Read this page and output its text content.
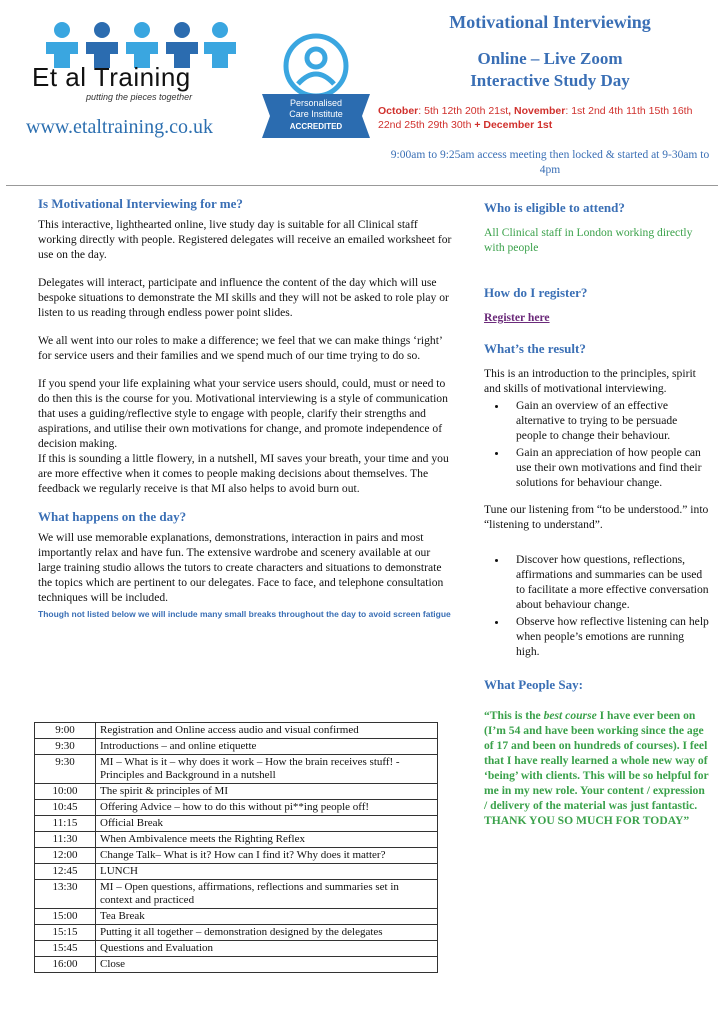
Et al Training
putting the pieces together
www.etaltraining.co.uk
Personalised
Care Institute
ACCREDITED
Motivational Interviewing
Online – Live Zoom
Interactive Study Day
October: 5th 12th 20th 21st, November: 1st 2nd 4th 11th 15th 16th 22nd 25th 29th 30th + December 1st
9:00am to 9:25am access meeting then locked & started at 9-30am to 4pm
Is Motivational Interviewing for me?

This interactive, lighthearted online, live study day is suitable for all Clinical staff working directly with people. Registered delegates will receive an emailed worksheet for use on the day.

Delegates will interact, participate and influence the content of the day which will use bespoke situations to demonstrate the MI skills and they will not be asked to role play or listen to us reading through endless power point slides.

We all went into our roles to make a difference; we feel that we can make things ‘right’ for service users and their families and we spend much of our time trying to do so.

If you spend your life explaining what your service users should, could, must or need to do then this is the course for you. Motivational interviewing is a style of communication that uses a guiding/reflective style to engage with people, clarify their strengths and aspirations, and utilise their own motivations for change, and promote independence of decision making.

If this is sounding a little flowery, in a nutshell, MI saves your breath, your time and you are more effective when it comes to people making decisions about themselves. The feedback we regularly receive is that MI also helps to avoid burn out.

What happens on the day?

We will use memorable explanations, demonstrations, interaction in pairs and most importantly relax and have fun. The extensive wardrobe and scenery available at our large training studio allows the tutors to create characters and situations to demonstrate the topics which are pertinent to our delegates. Face to face, and telephone consultation techniques will be included.

Though not listed below we will include many small breaks throughout the day to avoid screen fatigue
9:00	Registration and Online access audio and visual confirmed
9:30	Introductions – and online etiquette
9:30	MI – What is it – why does it work – How the brain receives stuff! - Principles and Background in a nutshell
10:00	The spirit & principles of MI
10:45	Offering Advice – how to do this without pi**ing people off!
11:15	Official Break
11:30	When Ambivalence meets the Righting Reflex
12:00	Change Talk– What is it? How can I find it? Why does it matter?
12:45	LUNCH
13:30	MI – Open questions, affirmations, reflections and summaries set in context and practiced
15:00	Tea Break
15:15	Putting it all together – demonstration designed by the delegates
15:45	Questions and Evaluation
16:00	Close
Who is eligible to attend?

All Clinical staff in London working directly with people

How do I register?

Register here

What’s the result?

This is an introduction to the principles, spirit and skills of motivational interviewing.

• Gain an overview of an effective alternative to trying to be persuade people to change their behaviour.
• Gain an appreciation of how people can use their own motivations and find their solutions for behaviour change.

Tune our listening from “to be understood.” into “listening to understand”.

• Discover how questions, reflections, affirmations and summaries can be used to facilitate a more effective conversation about behaviour change.
• Observe how reflective listening can help when people’s emotions are running high.
What People Say:
“This is the best course I have ever been on (I’m 54 and have been working since the age of 17 and been on hundreds of courses). I feel that I have really learned a whole new way of ‘being’ with clients. This will be so helpful for me in my new role. Your content / expression / delivery of the material was just fantastic.
THANK YOU SO MUCH FOR TODAY”
